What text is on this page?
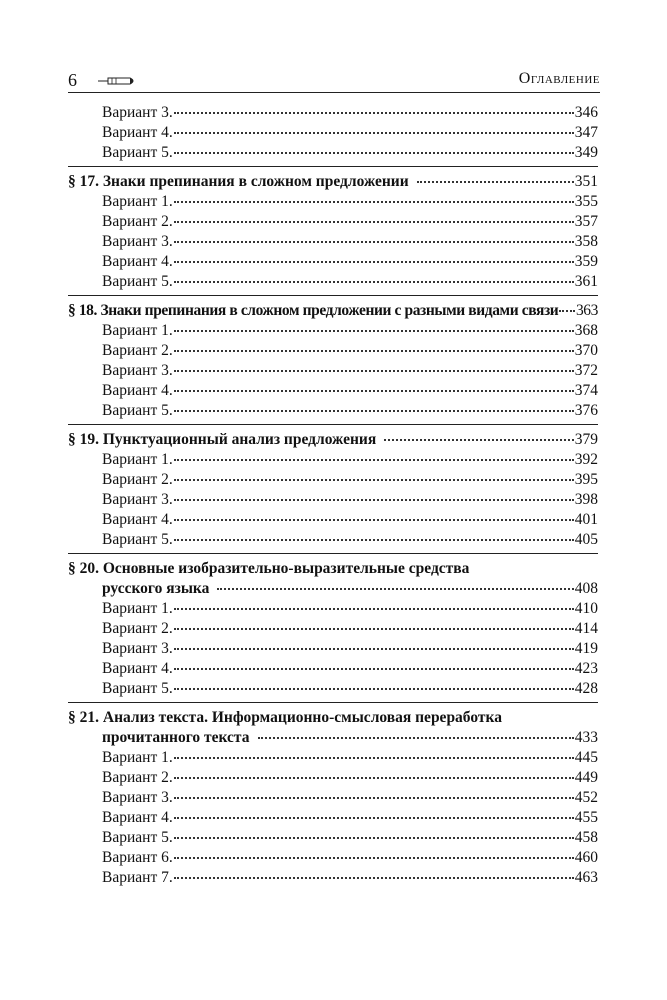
6	Оглавление
Вариант 3.	346
Вариант 4.	347
Вариант 5.	349
§ 17. Знаки препинания в сложном предложении	351
Вариант 1.	355
Вариант 2.	357
Вариант 3.	358
Вариант 4.	359
Вариант 5.	361
§ 18. Знаки препинания в сложном предложении с разными видами связи 363
Вариант 1.	368
Вариант 2.	370
Вариант 3.	372
Вариант 4.	374
Вариант 5.	376
§ 19. Пунктуационный анализ предложения	379
Вариант 1.	392
Вариант 2.	395
Вариант 3.	398
Вариант 4.	401
Вариант 5.	405
§ 20. Основные изобразительно-выразительные средства
русского языка	408
Вариант 1.	410
Вариант 2.	414
Вариант 3.	419
Вариант 4.	423
Вариант 5.	428
§ 21. Анализ текста. Информационно-смысловая переработка
прочитанного текста	433
Вариант 1.	445
Вариант 2.	449
Вариант 3.	452
Вариант 4.	455
Вариант 5.	458
Вариант 6.	460
Вариант 7.	463
